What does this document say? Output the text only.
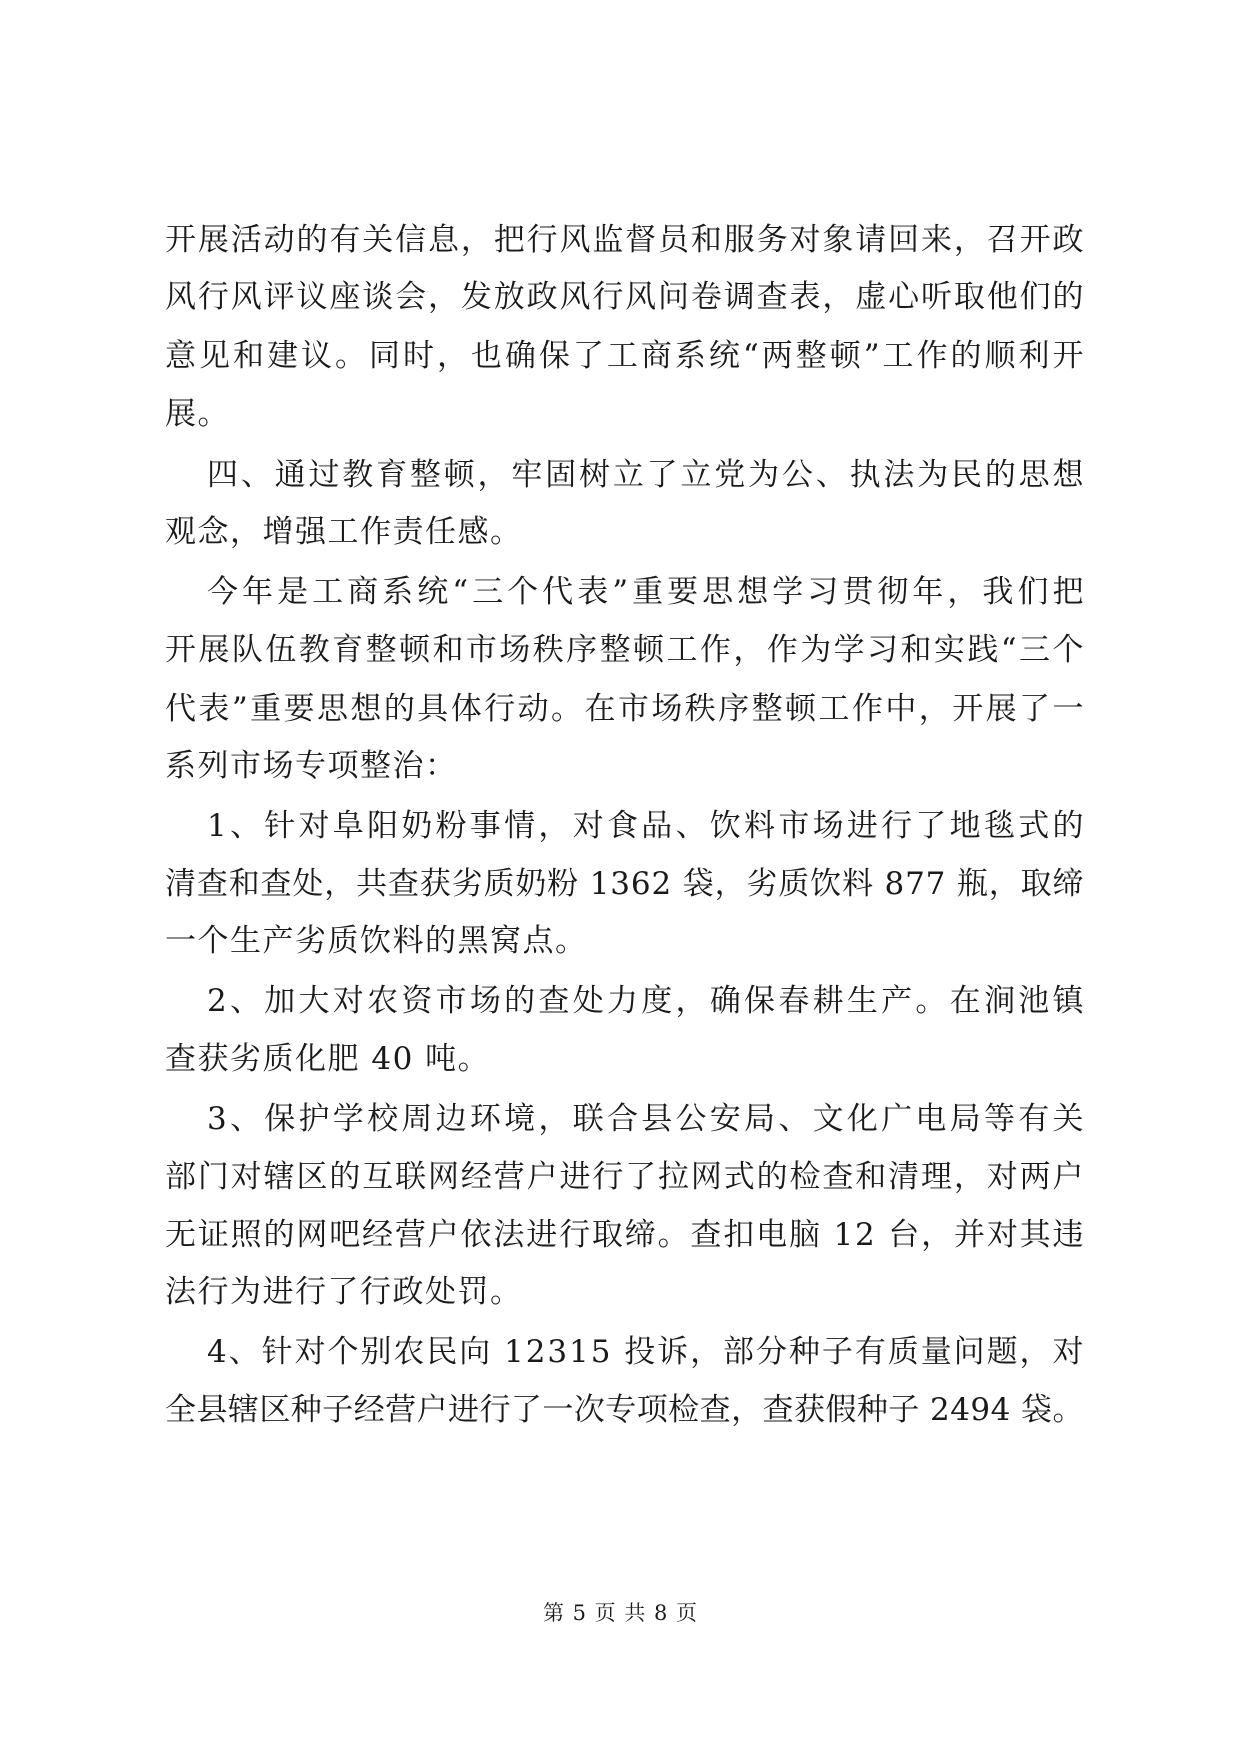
开展活动的有关信息，把行风监督员和服务对象请回来，召开政
风行风评议座谈会，发放政风行风问卷调查表，虚心听取他们的
意见和建议。同时，也确保了工商系统“两整顿”工作的顺利开
展。
四、通过教育整顿，牢固树立了立党为公、执法为民的思想
观念，增强工作责任感。
今年是工商系统“三个代表”重要思想学习贯彻年，我们把
开展队伍教育整顿和市场秩序整顿工作，作为学习和实践“三个
代表”重要思想的具体行动。在市场秩序整顿工作中，开展了一
系列市场专项整治：
1、针对阜阳奶粉事情，对食品、饮料市场进行了地毯式的
清查和查处，共查获劣质奶粉 1362 袋，劣质饮料 877 瓶，取缔
一个生产劣质饮料的黑窝点。
2、加大对农资市场的查处力度，确保春耕生产。在涧池镇
查获劣质化肥 40 吨。
3、保护学校周边环境，联合县公安局、文化广电局等有关
部门对辖区的互联网经营户进行了拉网式的检查和清理，对两户
无证照的网吧经营户依法进行取缔。查扣电脑 12 台，并对其违
法行为进行了行政处罚。
4、针对个别农民向 12315 投诉，部分种子有质量问题，对
全县辖区种子经营户进行了一次专项检查，查获假种子 2494 袋。
第 5 页 共 8 页
